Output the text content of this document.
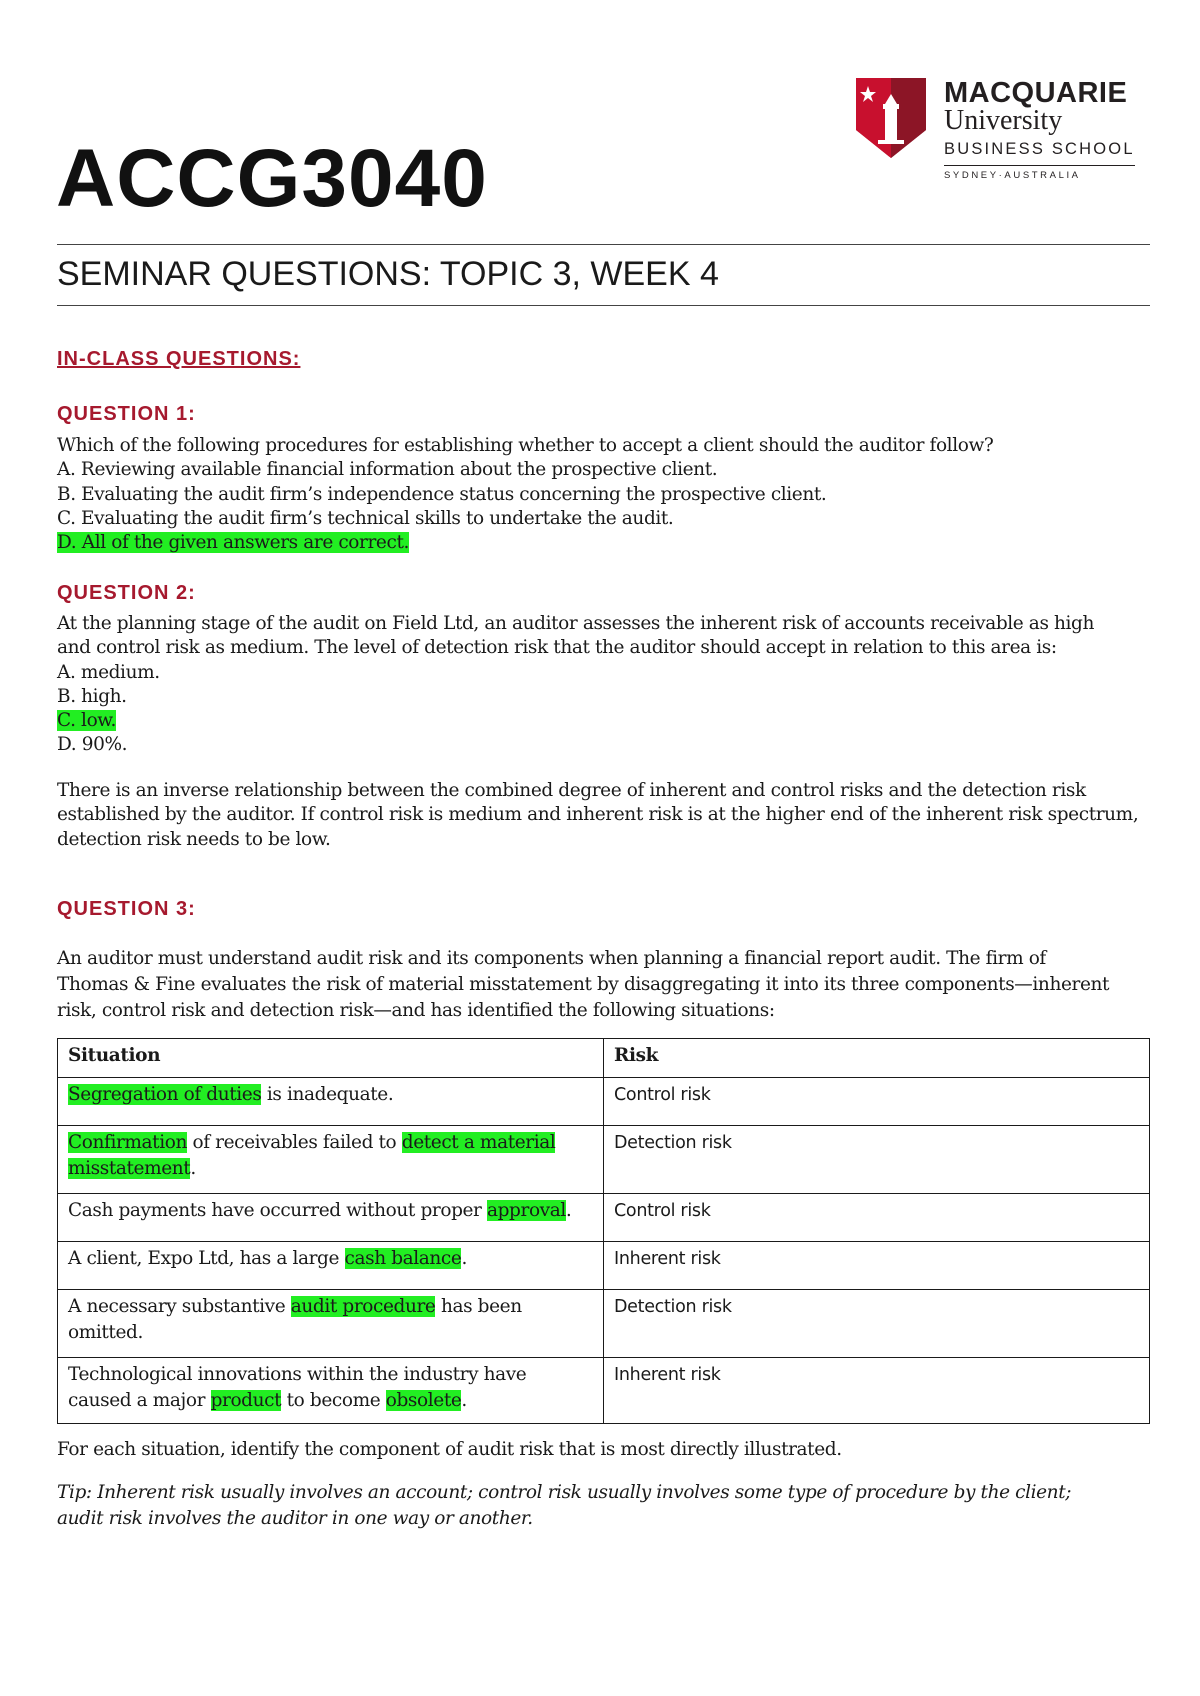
ACCG3040
MACQUARIE
University
BUSINESS SCHOOL
SYDNEY·AUSTRALIA
SEMINAR QUESTIONS: TOPIC 3, WEEK 4
IN-CLASS QUESTIONS:
QUESTION 1:
Which of the following procedures for establishing whether to accept a client should the auditor follow?
A. Reviewing available financial information about the prospective client.
B. Evaluating the audit firm’s independence status concerning the prospective client.
C. Evaluating the audit firm’s technical skills to undertake the audit.
D. All of the given answers are correct.
QUESTION 2:
At the planning stage of the audit on Field Ltd, an auditor assesses the inherent risk of accounts receivable as high
and control risk as medium. The level of detection risk that the auditor should accept in relation to this area is:
A. medium.
B. high.
C. low.
D. 90%.
There is an inverse relationship between the combined degree of inherent and control risks and the detection risk
established by the auditor. If control risk is medium and inherent risk is at the higher end of the inherent risk spectrum,
detection risk needs to be low.
QUESTION 3:
An auditor must understand audit risk and its components when planning a financial report audit. The firm of
Thomas & Fine evaluates the risk of material misstatement by disaggregating it into its three components—inherent
risk, control risk and detection risk—and has identified the following situations:
Situation	Risk
Segregation of duties is inadequate.	Control risk
Confirmation of receivables failed to detect a material
misstatement.	Detection risk
Cash payments have occurred without proper approval.	Control risk
A client, Expo Ltd, has a large cash balance.	Inherent risk
A necessary substantive audit procedure has been
omitted.	Detection risk
Technological innovations within the industry have
caused a major product to become obsolete.	Inherent risk
For each situation, identify the component of audit risk that is most directly illustrated.
Tip: Inherent risk usually involves an account; control risk usually involves some type of procedure by the client;
audit risk involves the auditor in one way or another.
